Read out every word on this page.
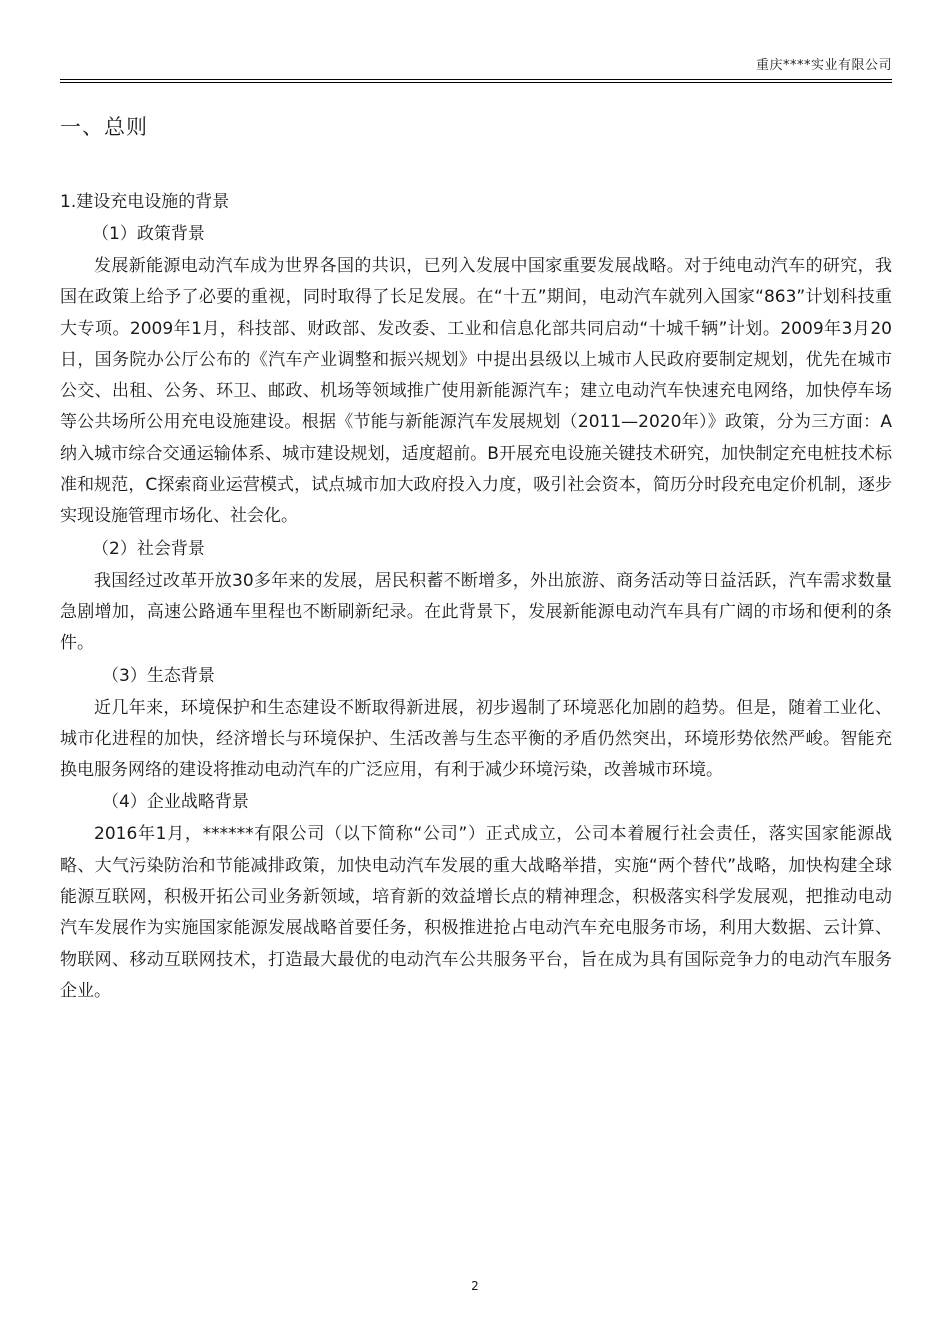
重庆****实业有限公司

一、总则

1.建设充电设施的背景

（1）政策背景

发展新能源电动汽车成为世界各国的共识，已列入发展中国家重要发展战略。对于纯电动汽车的研究，我国在政策上给予了必要的重视，同时取得了长足发展。在“十五”期间，电动汽车就列入国家“863”计划科技重大专项。2009年1月，科技部、财政部、发改委、工业和信息化部共同启动“十城千辆”计划。2009年3月20日，国务院办公厅公布的《汽车产业调整和振兴规划》中提出县级以上城市人民政府要制定规划，优先在城市公交、出租、公务、环卫、邮政、机场等领域推广使用新能源汽车；建立电动汽车快速充电网络，加快停车场等公共场所公用充电设施建设。根据《节能与新能源汽车发展规划（2011—2020年）》政策，分为三方面：A纳入城市综合交通运输体系、城市建设规划，适度超前。B开展充电设施关键技术研究，加快制定充电桩技术标准和规范，C探索商业运营模式，试点城市加大政府投入力度，吸引社会资本，简历分时段充电定价机制，逐步实现设施管理市场化、社会化。

（2）社会背景

我国经过改革开放30多年来的发展，居民积蓄不断增多，外出旅游、商务活动等日益活跃，汽车需求数量急剧增加，高速公路通车里程也不断刷新纪录。在此背景下，发展新能源电动汽车具有广阔的市场和便利的条件。

（3）生态背景

近几年来，环境保护和生态建设不断取得新进展，初步遏制了环境恶化加剧的趋势。但是，随着工业化、城市化进程的加快，经济增长与环境保护、生活改善与生态平衡的矛盾仍然突出，环境形势依然严峻。智能充换电服务网络的建设将推动电动汽车的广泛应用，有利于减少环境污染，改善城市环境。

（4）企业战略背景

2016年1月，******有限公司（以下简称“公司”）正式成立，公司本着履行社会责任，落实国家能源战略、大气污染防治和节能减排政策，加快电动汽车发展的重大战略举措，实施“两个替代”战略，加快构建全球能源互联网，积极开拓公司业务新领域，培育新的效益增长点的精神理念，积极落实科学发展观，把推动电动汽车发展作为实施国家能源发展战略首要任务，积极推进抢占电动汽车充电服务市场，利用大数据、云计算、物联网、移动互联网技术，打造最大最优的电动汽车公共服务平台，旨在成为具有国际竞争力的电动汽车服务企业。

2
